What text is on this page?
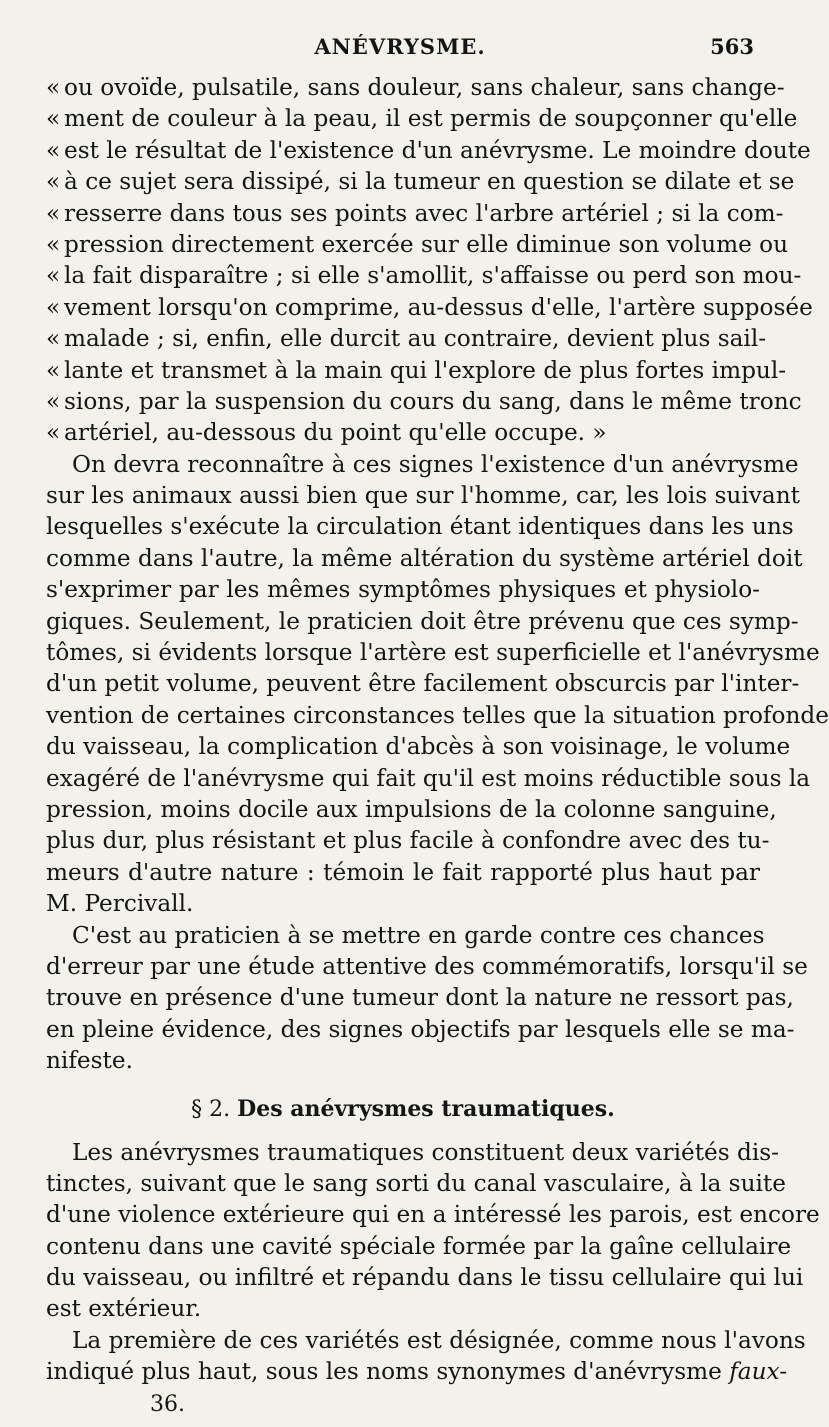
ANÉVRYSME.	563
« ou ovoïde, pulsatile, sans douleur, sans chaleur, sans change-
« ment de couleur à la peau, il est permis de soupçonner qu'elle
« est le résultat de l'existence d'un anévrysme. Le moindre doute
« à ce sujet sera dissipé, si la tumeur en question se dilate et se
« resserre dans tous ses points avec l'arbre artériel ; si la com-
« pression directement exercée sur elle diminue son volume ou
« la fait disparaître ; si elle s'amollit, s'affaisse ou perd son mou-
« vement lorsqu'on comprime, au-dessus d'elle, l'artère supposée
« malade ; si, enfin, elle durcit au contraire, devient plus sail-
« lante et transmet à la main qui l'explore de plus fortes impul-
« sions, par la suspension du cours du sang, dans le même tronc
« artériel, au-dessous du point qu'elle occupe. »
On devra reconnaître à ces signes l'existence d'un anévrysme
sur les animaux aussi bien que sur l'homme, car, les lois suivant
lesquelles s'exécute la circulation étant identiques dans les uns
comme dans l'autre, la même altération du système artériel doit
s'exprimer par les mêmes symptômes physiques et physiolo-
giques. Seulement, le praticien doit être prévenu que ces symp-
tômes, si évidents lorsque l'artère est superficielle et l'anévrysme
d'un petit volume, peuvent être facilement obscurcis par l'inter-
vention de certaines circonstances telles que la situation profonde
du vaisseau, la complication d'abcès à son voisinage, le volume
exagéré de l'anévrysme qui fait qu'il est moins réductible sous la
pression, moins docile aux impulsions de la colonne sanguine,
plus dur, plus résistant et plus facile à confondre avec des tu-
meurs d'autre nature : témoin le fait rapporté plus haut par
M. Percivall.
C'est au praticien à se mettre en garde contre ces chances
d'erreur par une étude attentive des commémoratifs, lorsqu'il se
trouve en présence d'une tumeur dont la nature ne ressort pas,
en pleine évidence, des signes objectifs par lesquels elle se ma-
nifeste.
§ 2. Des anévrysmes traumatiques.
Les anévrysmes traumatiques constituent deux variétés dis-
tinctes, suivant que le sang sorti du canal vasculaire, à la suite
d'une violence extérieure qui en a intéressé les parois, est encore
contenu dans une cavité spéciale formée par la gaîne cellulaire
du vaisseau, ou infiltré et répandu dans le tissu cellulaire qui lui
est extérieur.
La première de ces variétés est désignée, comme nous l'avons
indiqué plus haut, sous les noms synonymes d'anévrysme faux-
36.
